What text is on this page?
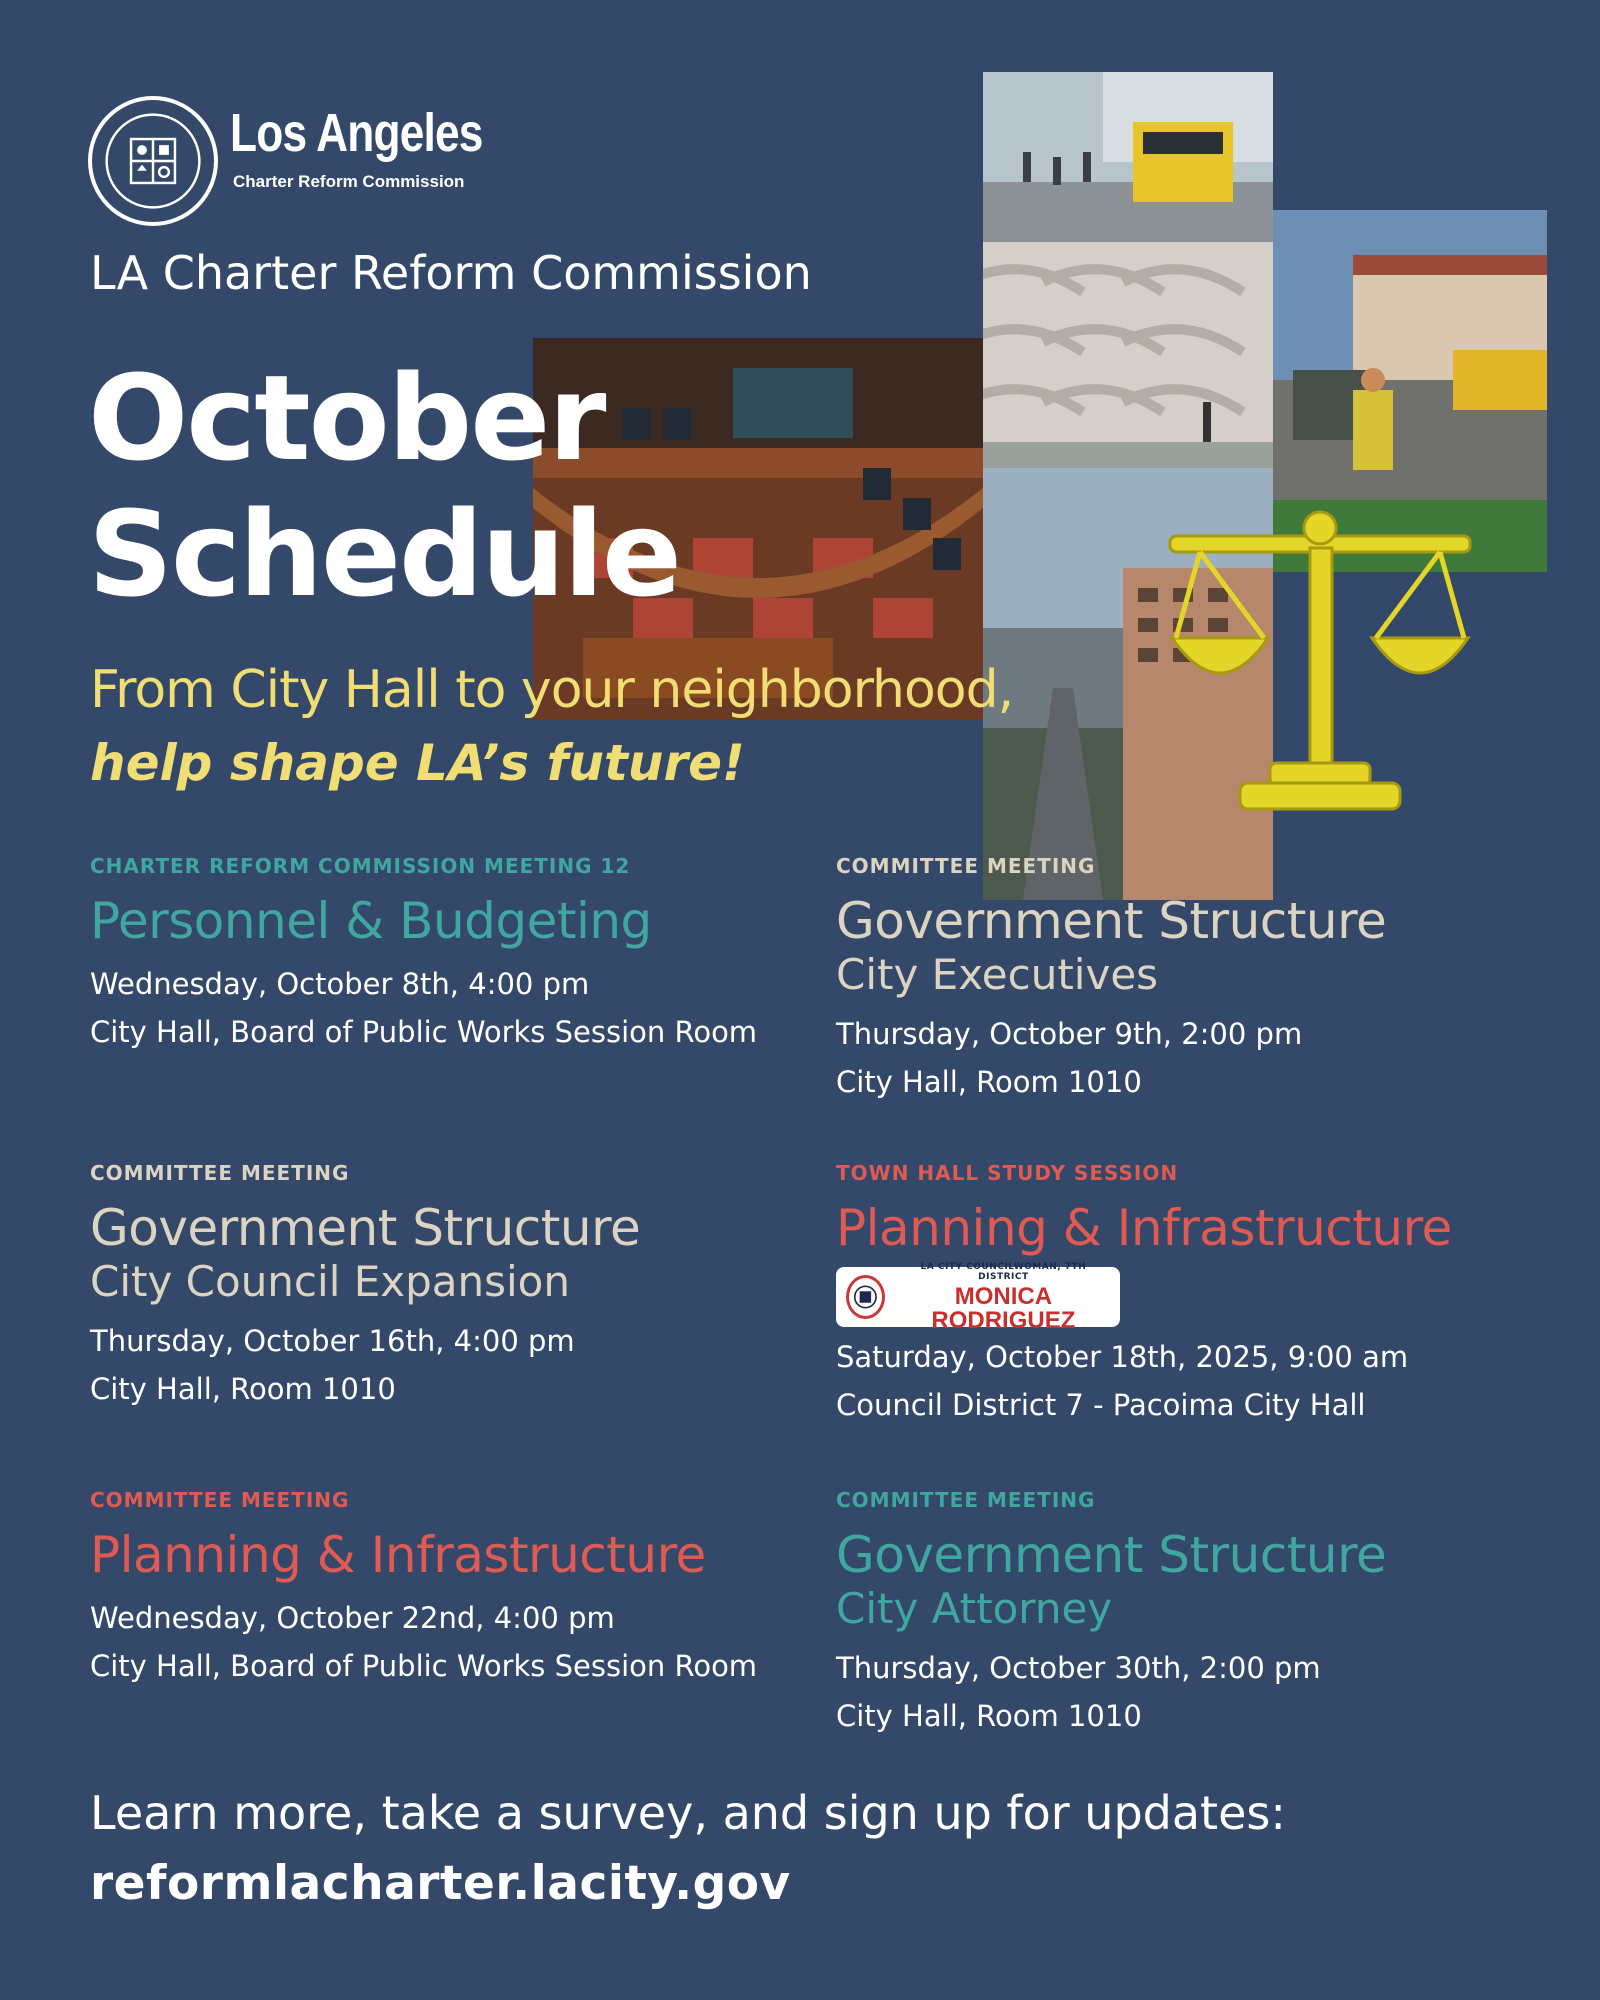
Los Angeles
Charter Reform Commission
LA Charter Reform Commission
October
Schedule
From City Hall to your neighborhood,
help shape LA’s future!
CHARTER REFORM COMMISSION MEETING 12
Personnel & Budgeting
Wednesday, October 8th, 4:00 pm
City Hall, Board of Public Works Session Room
COMMITTEE MEETING
Government Structure
City Executives
Thursday, October 9th, 2:00 pm
City Hall, Room 1010
COMMITTEE MEETING
Government Structure
City Council Expansion
Thursday, October 16th, 4:00 pm
City Hall, Room 1010
TOWN HALL STUDY SESSION
Planning & Infrastructure
LA CITY COUNCILWOMAN, 7TH DISTRICT
MONICA RODRIGUEZ
Saturday, October 18th, 2025, 9:00 am
Council District 7 - Pacoima City Hall
COMMITTEE MEETING
Planning & Infrastructure
Wednesday, October 22nd, 4:00 pm
City Hall, Board of Public Works Session Room
COMMITTEE MEETING
Government Structure
City Attorney
Thursday, October 30th, 2:00 pm
City Hall, Room 1010
Learn more, take a survey, and sign up for updates:
reformlacharter.lacity.gov
